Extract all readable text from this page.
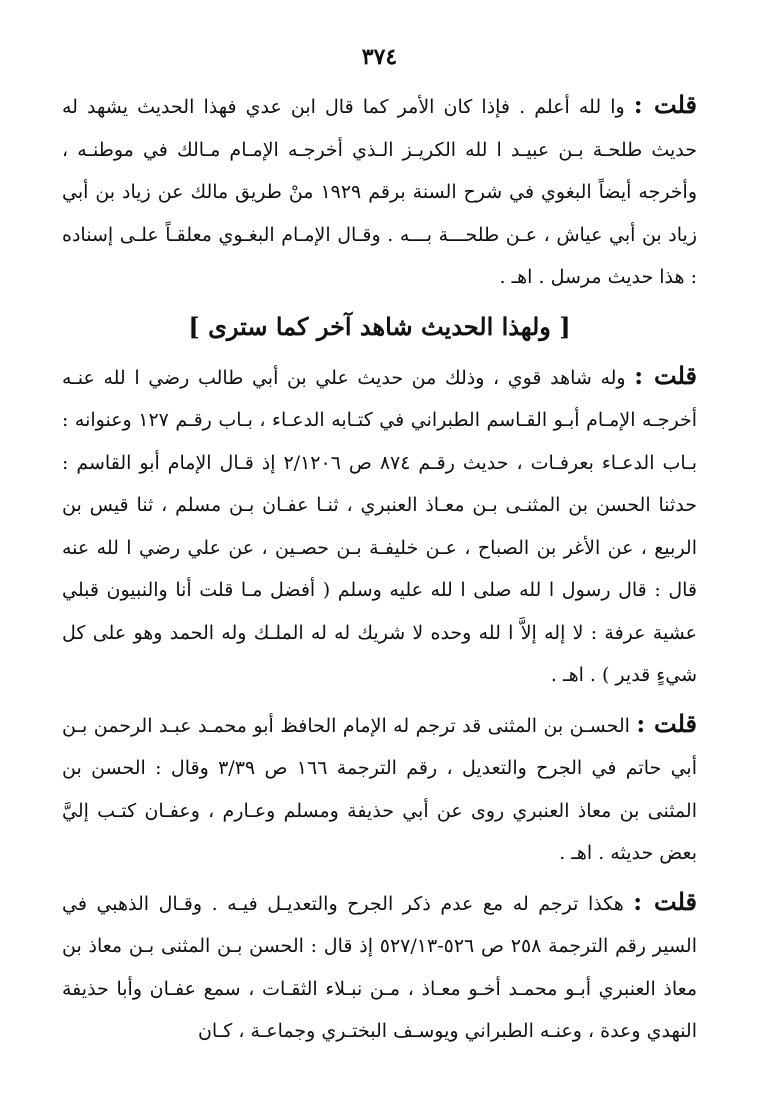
٣٧٤

قلت : وا لله أعلم . فإذا كان الأمر كما قال ابن عدي فهذا الحديث يشهد له حديث طلحـة بـن عبيـد ا لله الكريـز الـذي أخرجـه الإمـام مـالك في موطنـه ، وأخرجه أيضاً البغوي في شرح السنة برقم ١٩٢٩ منْ طريق مالك عن زياد بن أبي زياد بن أبي عياش ، عـن طلحـــة بـــه . وقـال الإمـام البغـوي معلقـاً علـى إسناده : هذا حديث مرسل . اهـ .

[ ولهذا الحديث شاهد آخر كما سترى ]

قلت : وله شاهد قوي ، وذلك من حديث علي بن أبي طالب رضي ا لله عنـه أخرجـه الإمـام أبـو القـاسم الطبراني في كتـابه الدعـاء ، بـاب رقـم ١٢٧ وعنوانه : بـاب الدعـاء بعرفـات ، حديث رقـم ٨٧٤ ص ٢/١٢٠٦ إذ قـال الإمام أبو القاسم : حدثنا الحسن بن المثنـى بـن معـاذ العنبري ، ثنـا عفـان بـن مسلم ، ثنا قيس بن الربيع ، عن الأغر بن الصباح ، عـن خليفـة بـن حصـين ، عن علي رضي ا لله عنه قال : قال رسول ا لله صلى ا لله عليه وسلم ( أفضل مـا قلت أنا والنبيون قبلي عشية عرفة : لا إله إلاَّ ا لله وحده لا شريك له له الملـك وله الحمد وهو على كل شيءٍ قدير ) . اهـ .

قلت : الحسـن بن المثنى قد ترجم له الإمام الحافظ أبو محمـد عبـد الرحمن بـن أبي حاتم في الجرح والتعديل ، رقم الترجمة ١٦٦ ص ٣/٣٩ وقال : الحسن بن المثنى بن معاذ العنبري روى عن أبي حذيفة ومسلم وعـارم ، وعفـان كتـب إليَّ بعض حديثه . اهـ .

قلت : هكذا ترجم له مع عدم ذكر الجرح والتعديـل فيـه . وقـال الذهبي في السير رقم الترجمة ٢٥٨ ص ٥٢٦-٥٢٧/١٣ إذ قال : الحسن بـن المثنى بـن معاذ بن معاذ العنبري أبـو محمـد أخـو معـاذ ، مـن نبـلاء الثقـات ، سمع عفـان وأبا حذيفة النهدي وعدة ، وعنـه الطبراني ويوسـف البختـري وجماعـة ، كـان
